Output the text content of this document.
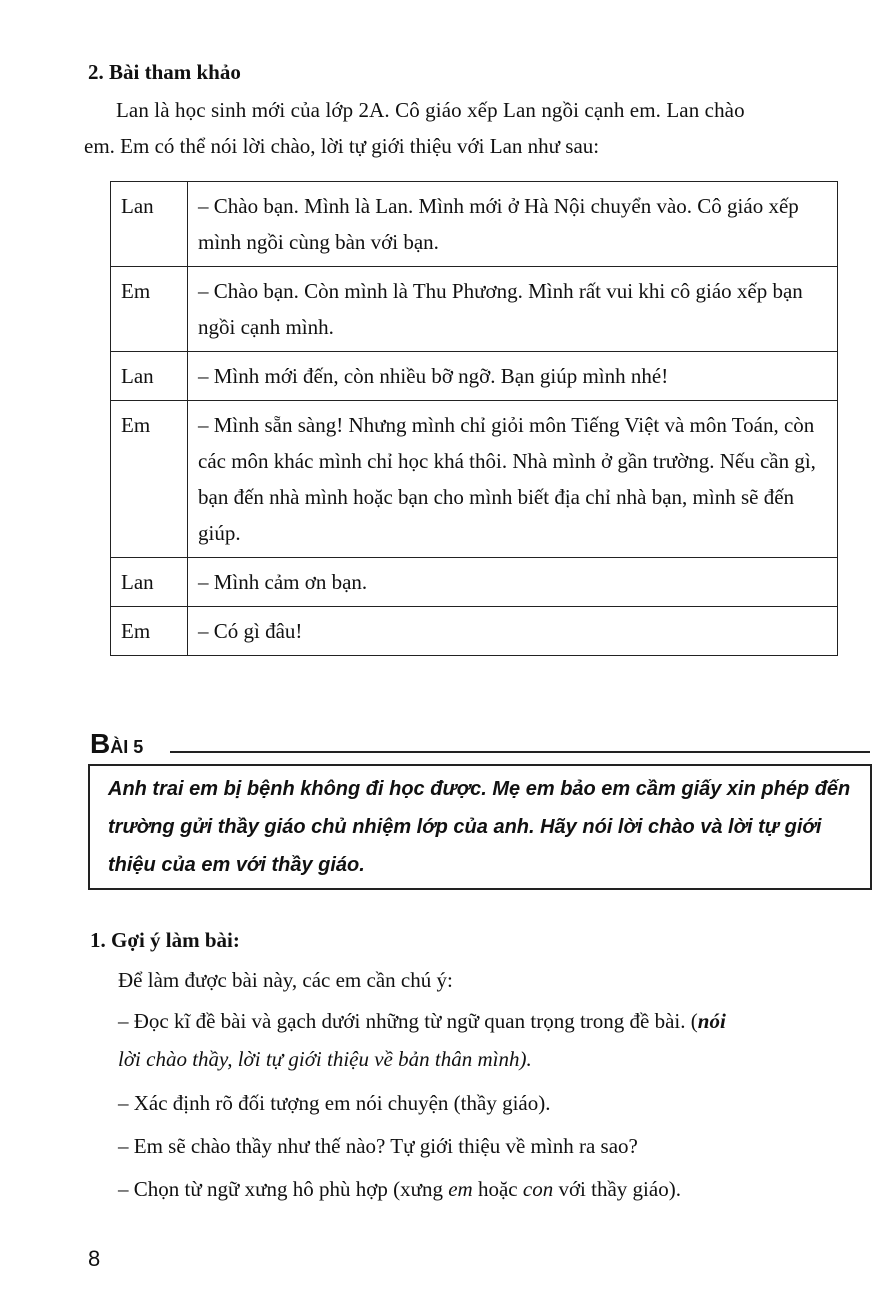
2. Bài tham khảo
Lan là học sinh mới của lớp 2A. Cô giáo xếp Lan ngồi cạnh em. Lan chào
em. Em có thể nói lời chào, lời tự giới thiệu với Lan như sau:
Lan	– Chào bạn. Mình là Lan. Mình mới ở Hà Nội chuyển vào. Cô giáo xếp mình ngồi cùng bàn với bạn.
Em	– Chào bạn. Còn mình là Thu Phương. Mình rất vui khi cô giáo xếp bạn ngồi cạnh mình.
Lan	– Mình mới đến, còn nhiều bỡ ngỡ. Bạn giúp mình nhé!
Em	– Mình sẵn sàng! Nhưng mình chỉ giỏi môn Tiếng Việt và môn Toán, còn các môn khác mình chỉ học khá thôi. Nhà mình ở gần trường. Nếu cần gì, bạn đến nhà mình hoặc bạn cho mình biết địa chỉ nhà bạn, mình sẽ đến giúp.
Lan	– Mình cảm ơn bạn.
Em	– Có gì đâu!
BÀI 5
Anh trai em bị bệnh không đi học được. Mẹ em bảo em cầm giấy xin phép đến trường gửi thầy giáo chủ nhiệm lớp của anh. Hãy nói lời chào và lời tự giới thiệu của em với thầy giáo.
1. Gợi ý làm bài:
Để làm được bài này, các em cần chú ý:
– Đọc kĩ đề bài và gạch dưới những từ ngữ quan trọng trong đề bài. (nói
lời chào thầy, lời tự giới thiệu về bản thân mình).
– Xác định rõ đối tượng em nói chuyện (thầy giáo).
– Em sẽ chào thầy như thế nào? Tự giới thiệu về mình ra sao?
– Chọn từ ngữ xưng hô phù hợp (xưng em hoặc con với thầy giáo).
8
